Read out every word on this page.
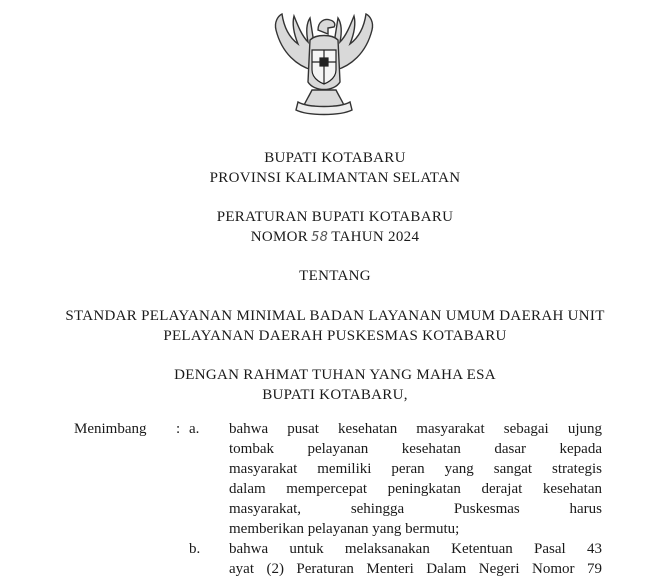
BUPATI KOTABARU
PROVINSI KALIMANTAN SELATAN
PERATURAN BUPATI KOTABARU
NOMOR 58 TAHUN 2024
TENTANG
STANDAR PELAYANAN MINIMAL BADAN LAYANAN UMUM DAERAH UNIT
PELAYANAN DAERAH PUSKESMAS KOTABARU
DENGAN RAHMAT TUHAN YANG MAHA ESA
BUPATI KOTABARU,
Menimbang : a. bahwa pusat kesehatan masyarakat sebagai ujung
tombak pelayanan kesehatan dasar kepada
masyarakat memiliki peran yang sangat strategis
dalam mempercepat peningkatan derajat kesehatan
masyarakat, sehingga Puskesmas harus
memberikan pelayanan yang bermutu;
b. bahwa untuk melaksanakan Ketentuan Pasal 43
ayat (2) Peraturan Menteri Dalam Negeri Nomor 79
